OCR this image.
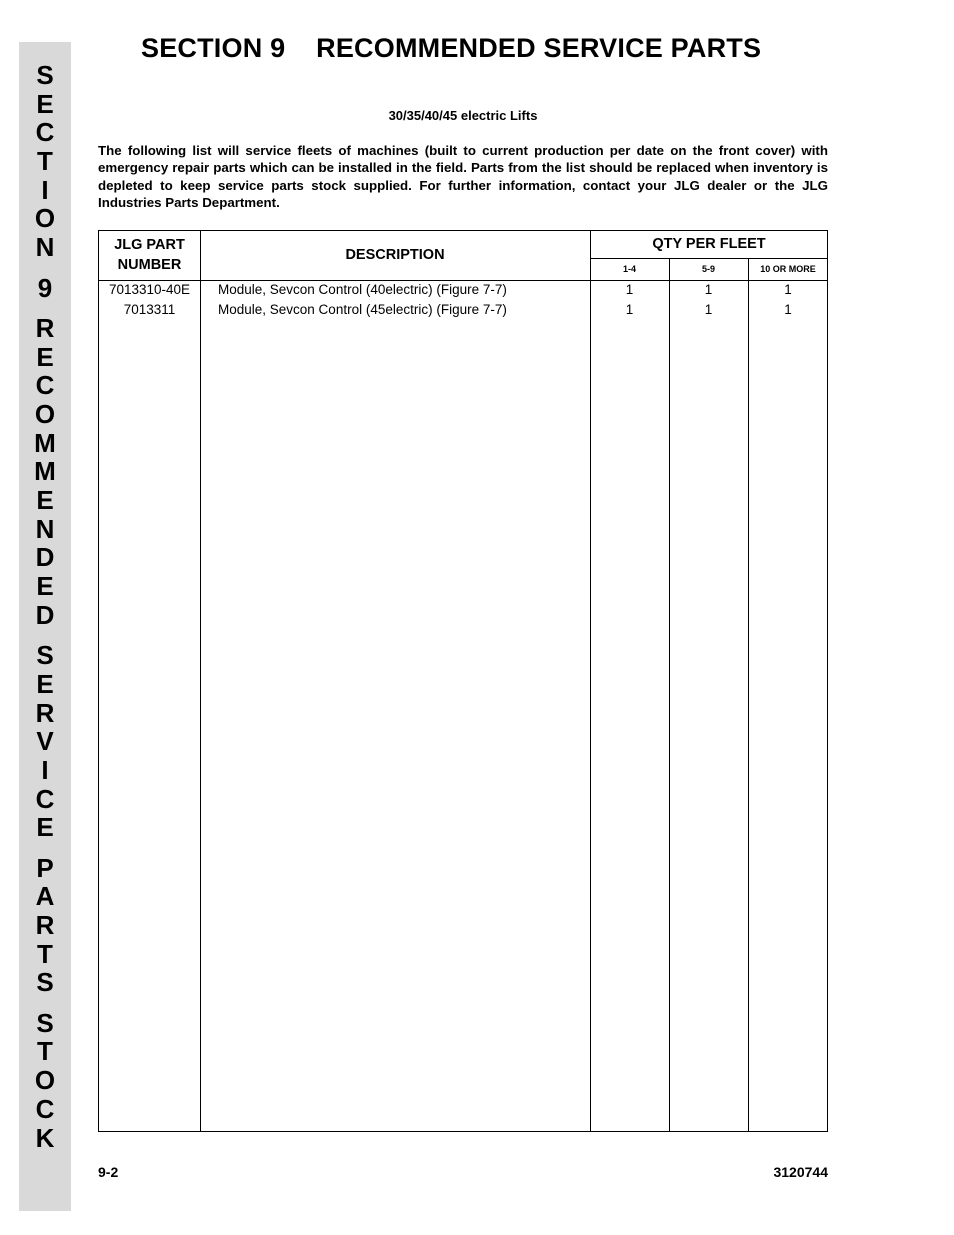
S
E
C
T
I
O
N
9
R
E
C
O
M
M
E
N
D
E
D
S
E
R
V
I
C
E
P
A
R
T
S
S
T
O
C
K
SECTION 9    RECOMMENDED SERVICE PARTS
30/35/40/45 electric Lifts

The following list will service fleets of machines (built to current production per date on the front cover) with emergency repair parts which can be installed in the field. Parts from the list should be replaced when inventory is depleted to keep service parts stock supplied. For further information, contact your JLG dealer or the JLG Industries Parts Department.

JLG PART NUMBER
DESCRIPTION
QTY PER FLEET
1-4	5-9	10 OR MORE
7013310-40E	Module, Sevcon Control (40electric) (Figure 7-7)	1	1	1
7013311	Module, Sevcon Control (45electric) (Figure 7-7)	1	1	1
9-2	3120744
